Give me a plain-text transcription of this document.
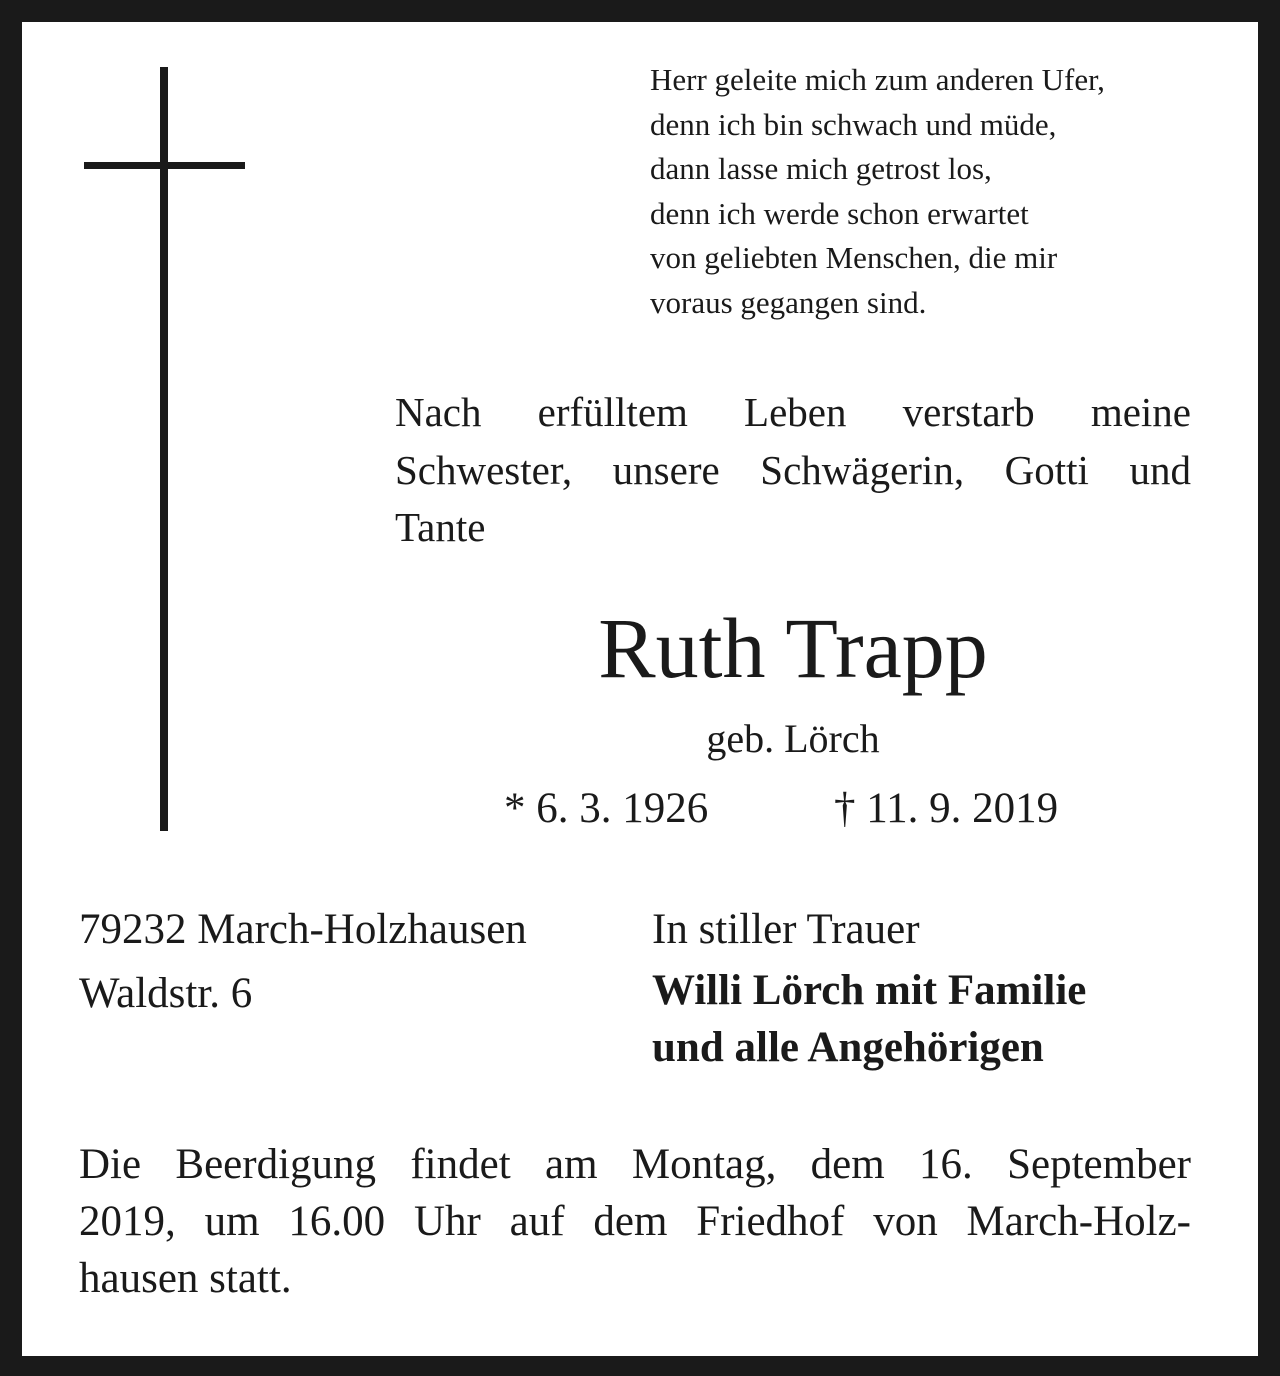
Herr geleite mich zum anderen Ufer,
denn ich bin schwach und müde,
dann lasse mich getrost los,
denn ich werde schon erwartet
von geliebten Menschen, die mir
voraus gegangen sind.
Nach erfülltem Leben verstarb meine
Schwester, unsere Schwägerin, Gotti und
Tante
Ruth Trapp
geb. Lörch
* 6. 3. 1926	† 11. 9. 2019
79232 March-Holzhausen
Waldstr. 6
In stiller Trauer
Willi Lörch mit Familie
und alle Angehörigen
Die Beerdigung findet am Montag, dem 16. September
2019, um 16.00 Uhr auf dem Friedhof von March-Holz-
hausen statt.
